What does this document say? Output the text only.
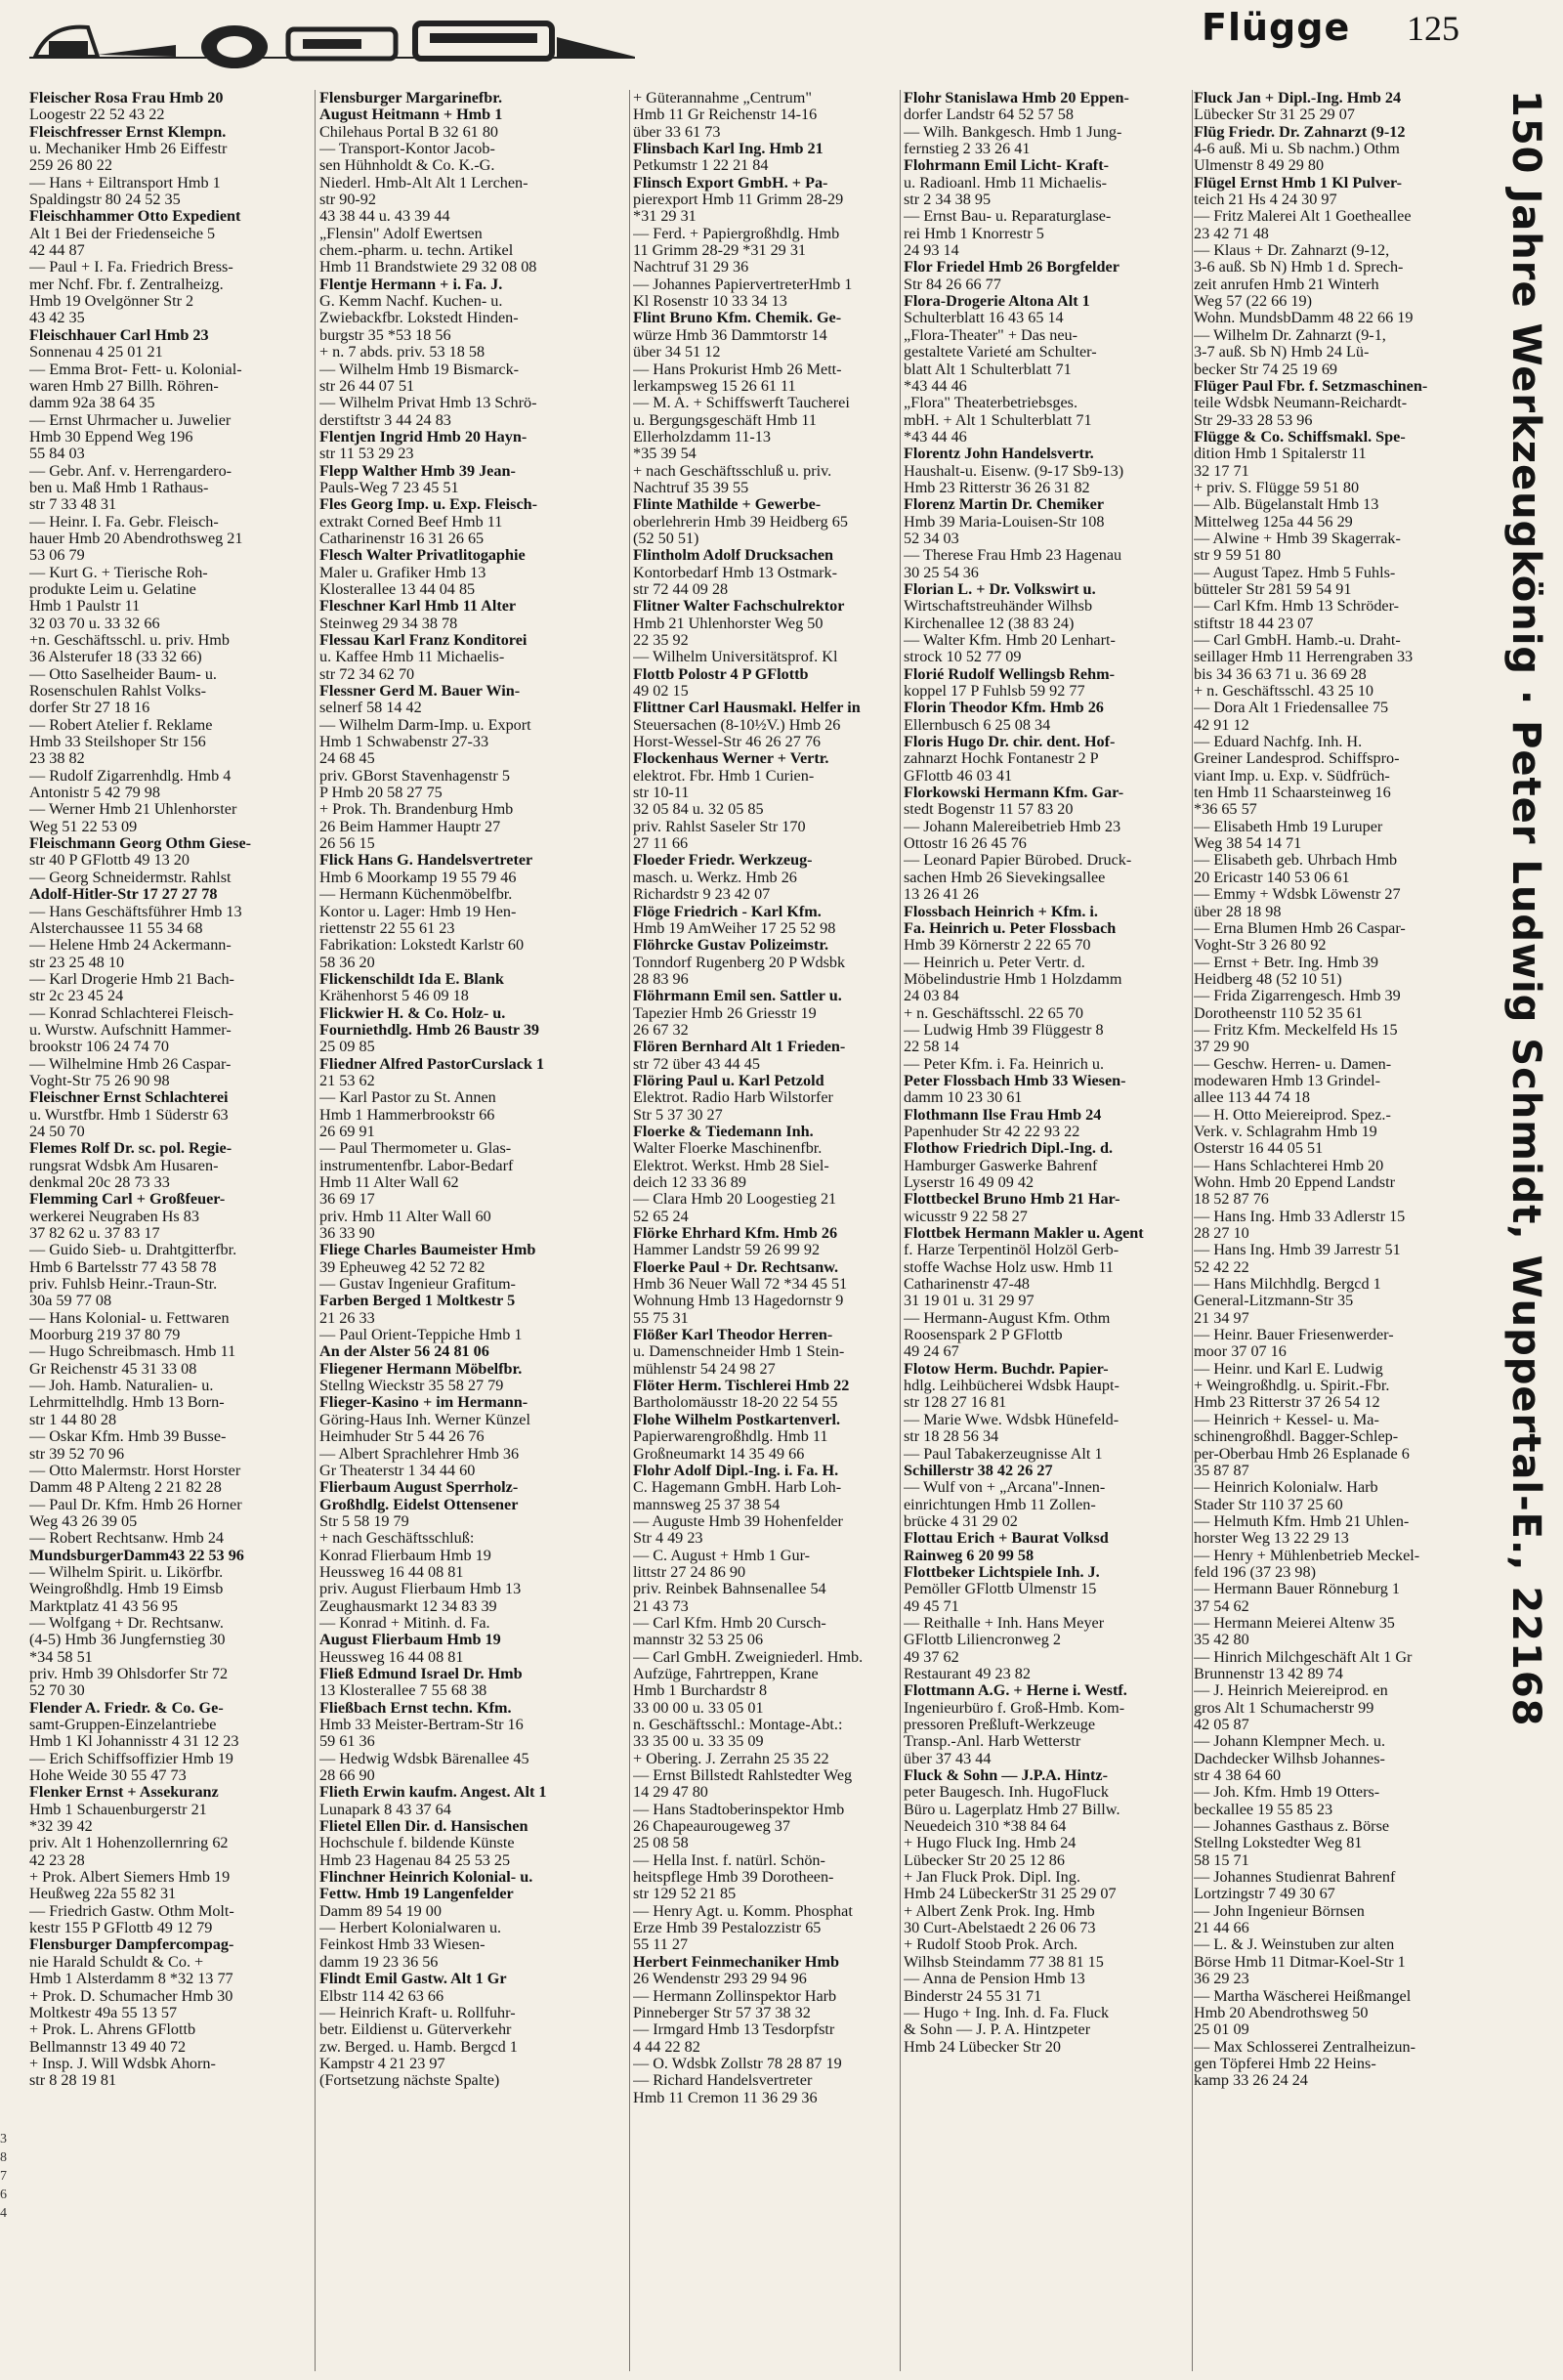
Flügge 125
Fleischer Rosa Frau Hmb 20
Loogestr 22 52 43 22
Fleischfresser Ernst Klempn.
u. Mechaniker Hmb 26 Eiffestr
259 26 80 22
— Hans + Eiltransport Hmb 1
Spaldingstr 80 24 52 35
Fleischhammer Otto Expedient
Alt 1 Bei der Friedenseiche 5
42 44 87
— Paul + I. Fa. Friedrich Bress-
mer Nchf. Fbr. f. Zentralheizg.
Hmb 19 Ovelgönner Str 2
43 42 35
Fleischhauer Carl Hmb 23
Sonnenau 4 25 01 21
— Emma Brot- Fett- u. Kolonial-
waren Hmb 27 Billh. Röhren-
damm 92a 38 64 35
— Ernst Uhrmacher u. Juwelier
Hmb 30 Eppend Weg 196
55 84 03
— Gebr. Anf. v. Herrengardero-
ben u. Maß Hmb 1 Rathaus-
str 7 33 48 31
— Heinr. I. Fa. Gebr. Fleisch-
hauer Hmb 20 Abendrothsweg 21
53 06 79
— Kurt G. + Tierische Roh-
produkte Leim u. Gelatine
Hmb 1 Paulstr 11
32 03 70 u. 33 32 66
+n. Geschäftsschl. u. priv. Hmb
36 Alsterufer 18 (33 32 66)
— Otto Saselheider Baum- u.
Rosenschulen Rahlst Volks-
dorfer Str 27 18 16
— Robert Atelier f. Reklame
Hmb 33 Steilshoper Str 156
23 38 82
— Rudolf Zigarrenhdlg. Hmb 4
Antonistr 5 42 79 98
— Werner Hmb 21 Uhlenhorster
Weg 51 22 53 09
Fleischmann Georg Othm Giese-
str 40 P GFlottb 49 13 20
— Georg Schneidermstr. Rahlst
Adolf-Hitler-Str 17 27 27 78
— Hans Geschäftsführer Hmb 13
Alsterchaussee 11 55 34 68
— Helene Hmb 24 Ackermann-
str 23 25 48 10
— Karl Drogerie Hmb 21 Bach-
str 2c 23 45 24
— Konrad Schlachterei Fleisch-
u. Wurstw. Aufschnitt Hammer-
brookstr 106 24 74 70
— Wilhelmine Hmb 26 Caspar-
Voght-Str 75 26 90 98
Fleischner Ernst Schlachterei
u. Wurstfbr. Hmb 1 Süderstr 63
24 50 70
Flemes Rolf Dr. sc. pol. Regie-
rungsrat Wdsbk Am Husaren-
denkmal 20c 28 73 33
Flemming Carl + Großfeuer-
werkerei Neugraben Hs 83
37 82 62 u. 37 83 17
— Guido Sieb- u. Drahtgitterfbr.
Hmb 6 Bartelsstr 77 43 58 78
priv. Fuhlsb Heinr.-Traun-Str.
30a 59 77 08
— Hans Kolonial- u. Fettwaren
Moorburg 219 37 80 79
— Hugo Schreibmasch. Hmb 11
Gr Reichenstr 45 31 33 08
— Joh. Hamb. Naturalien- u.
Lehrmittelhdlg. Hmb 13 Born-
str 1 44 80 28
— Oskar Kfm. Hmb 39 Busse-
str 39 52 70 96
— Otto Malermstr. Horst Horster
Damm 48 P Alteng 2 21 82 28
— Paul Dr. Kfm. Hmb 26 Horner
Weg 43 26 39 05
— Robert Rechtsanw. Hmb 24
MundsburgerDamm43 22 53 96
— Wilhelm Spirit. u. Likörfbr.
Weingroßhdlg. Hmb 19 Eimsb
Marktplatz 41 43 56 95
— Wolfgang + Dr. Rechtsanw.
(4-5) Hmb 36 Jungfernstieg 30
*34 58 51
priv. Hmb 39 Ohlsdorfer Str 72
52 70 30
Flender A. Friedr. & Co. Ge-
samt-Gruppen-Einzelantriebe
Hmb 1 Kl Johannisstr 4 31 12 23
— Erich Schiffsoffizier Hmb 19
Hohe Weide 30 55 47 73
Flenker Ernst + Assekuranz
Hmb 1 Schauenburgerstr 21
*32 39 42
priv. Alt 1 Hohenzollernring 62
42 23 28
+ Prok. Albert Siemers Hmb 19
Heußweg 22a 55 82 31
— Friedrich Gastw. Othm Molt-
kestr 155 P GFlottb 49 12 79
Flensburger Dampfercompag-
nie Harald Schuldt & Co. +
Hmb 1 Alsterdamm 8 *32 13 77
+ Prok. D. Schumacher Hmb 30
Moltkestr 49a 55 13 57
+ Prok. L. Ahrens GFlottb
Bellmannstr 13 49 40 72
+ Insp. J. Will Wdsbk Ahorn-
str 8 28 19 81
Flensburger Margarinefbr.
August Heitmann + Hmb 1
Chilehaus Portal B 32 61 80
— Transport-Kontor Jacob-
sen Hühnholdt & Co. K.-G.
Niederl. Hmb-Alt Alt 1 Lerchen-
str 90-92
43 38 44 u. 43 39 44
„Flensin" Adolf Ewertsen
chem.-pharm. u. techn. Artikel
Hmb 11 Brandstwiete 29 32 08 08
Flentje Hermann + i. Fa. J.
G. Kemm Nachf. Kuchen- u.
Zwiebackfbr. Lokstedt Hinden-
burgstr 35 *53 18 56
+ n. 7 abds. priv. 53 18 58
— Wilhelm Hmb 19 Bismarck-
str 26 44 07 51
— Wilhelm Privat Hmb 13 Schrö-
derstiftstr 3 44 24 83
Flentjen Ingrid Hmb 20 Hayn-
str 11 53 29 23
Flepp Walther Hmb 39 Jean-
Pauls-Weg 7 23 45 51
Fles Georg Imp. u. Exp. Fleisch-
extrakt Corned Beef Hmb 11
Catharinenstr 16 31 26 65
Flesch Walter Privatlitogaphie
Maler u. Grafiker Hmb 13
Klosterallee 13 44 04 85
Fleschner Karl Hmb 11 Alter
Steinweg 29 34 38 78
Flessau Karl Franz Konditorei
u. Kaffee Hmb 11 Michaelis-
str 72 34 62 70
Flessner Gerd M. Bauer Win-
selnerf 58 14 42
— Wilhelm Darm-Imp. u. Export
Hmb 1 Schwabenstr 27-33
24 68 45
priv. GBorst Stavenhagenstr 5
P Hmb 20 58 27 75
+ Prok. Th. Brandenburg Hmb
26 Beim Hammer Hauptr 27
26 56 15
Flick Hans G. Handelsvertreter
Hmb 6 Moorkamp 19 55 79 46
— Hermann Küchenmöbelfbr.
Kontor u. Lager: Hmb 19 Hen-
riettenstr 22 55 61 23
Fabrikation: Lokstedt Karlstr 60
58 36 20
Flickenschildt Ida E. Blank
Krähenhorst 5 46 09 18
Flickwier H. & Co. Holz- u.
Fourniethdlg. Hmb 26 Baustr 39
25 09 85
Fliedner Alfred PastorCurslack 1
21 53 62
— Karl Pastor zu St. Annen
Hmb 1 Hammerbrookstr 66
26 69 91
— Paul Thermometer u. Glas-
instrumentenfbr. Labor-Bedarf
Hmb 11 Alter Wall 62
36 69 17
priv. Hmb 11 Alter Wall 60
36 33 90
Fliege Charles Baumeister Hmb
39 Epheuweg 42 52 72 82
— Gustav Ingenieur Grafitum-
Farben Berged 1 Moltkestr 5
21 26 33
— Paul Orient-Teppiche Hmb 1
An der Alster 56 24 81 06
Fliegener Hermann Möbelfbr.
Stellng Wieckstr 35 58 27 79
Flieger-Kasino + im Hermann-
Göring-Haus Inh. Werner Künzel
Heimhuder Str 5 44 26 76
— Albert Sprachlehrer Hmb 36
Gr Theaterstr 1 34 44 60
Flierbaum August Sperrholz-
Großhdlg. Eidelst Ottensener
Str 5 58 19 79
+ nach Geschäftsschluß:
Konrad Flierbaum Hmb 19
Heussweg 16 44 08 81
priv. August Flierbaum Hmb 13
Zeughausmarkt 12 34 83 39
— Konrad + Mitinh. d. Fa.
August Flierbaum Hmb 19
Heussweg 16 44 08 81
Fließ Edmund Israel Dr. Hmb
13 Klosterallee 7 55 68 38
Fließbach Ernst techn. Kfm.
Hmb 33 Meister-Bertram-Str 16
59 61 36
— Hedwig Wdsbk Bärenallee 45
28 66 90
Flieth Erwin kaufm. Angest. Alt 1
Lunapark 8 43 37 64
Flietel Ellen Dir. d. Hansischen
Hochschule f. bildende Künste
Hmb 23 Hagenau 84 25 53 25
Flinchner Heinrich Kolonial- u.
Fettw. Hmb 19 Langenfelder
Damm 89 54 19 00
— Herbert Kolonialwaren u.
Feinkost Hmb 33 Wiesen-
damm 19 23 36 56
Flindt Emil Gastw. Alt 1 Gr
Elbstr 114 42 63 66
— Heinrich Kraft- u. Rollfuhr-
betr. Eildienst u. Güterverkehr
zw. Berged. u. Hamb. Bergcd 1
Kampstr 4 21 23 97
(Fortsetzung nächste Spalte)
+ Güterannahme „Centrum"
Hmb 11 Gr Reichenstr 14-16
über 33 61 73
Flinsbach Karl Ing. Hmb 21
Petkumstr 1 22 21 84
Flinsch Export GmbH. + Pa-
pierexport Hmb 11 Grimm 28-29
*31 29 31
— Ferd. + Papiergroßhdlg. Hmb
11 Grimm 28-29 *31 29 31
Nachtruf 31 29 36
— Johannes PapiervertreterHmb 1
Kl Rosenstr 10 33 34 13
Flint Bruno Kfm. Chemik. Ge-
würze Hmb 36 Dammtorstr 14
über 34 51 12
— Hans Prokurist Hmb 26 Mett-
lerkampsweg 15 26 61 11
— M. A. + Schiffswerft Taucherei
u. Bergungsgeschäft Hmb 11
Ellerholzdamm 11-13
*35 39 54
+ nach Geschäftsschluß u. priv.
Nachtruf 35 39 55
Flinte Mathilde + Gewerbe-
oberlehrerin Hmb 39 Heidberg 65
(52 50 51)
Flintholm Adolf Drucksachen
Kontorbedarf Hmb 13 Ostmark-
str 72 44 09 28
Flitner Walter Fachschulrektor
Hmb 21 Uhlenhorster Weg 50
22 35 92
— Wilhelm Universitätsprof. Kl
Flottb Polostr 4 P GFlottb
49 02 15
Flittner Carl Hausmakl. Helfer in
Steuersachen (8-10½V.) Hmb 26
Horst-Wessel-Str 46 26 27 76
Flockenhaus Werner + Vertr.
elektrot. Fbr. Hmb 1 Curien-
str 10-11
32 05 84 u. 32 05 85
priv. Rahlst Saseler Str 170
27 11 66
Floeder Friedr. Werkzeug-
masch. u. Werkz. Hmb 26
Richardstr 9 23 42 07
Flöge Friedrich - Karl Kfm.
Hmb 19 AmWeiher 17 25 52 98
Flöhrcke Gustav Polizeimstr.
Tonndorf Rugenberg 20 P Wdsbk
28 83 96
Flöhrmann Emil sen. Sattler u.
Tapezier Hmb 26 Griesstr 19
26 67 32
Flören Bernhard Alt 1 Frieden-
str 72 über 43 44 45
Flöring Paul u. Karl Petzold
Elektrot. Radio Harb Wilstorfer
Str 5 37 30 27
Floerke & Tiedemann Inh.
Walter Floerke Maschinenfbr.
Elektrot. Werkst. Hmb 28 Siel-
deich 12 33 36 89
— Clara Hmb 20 Loogestieg 21
52 65 24
Flörke Ehrhard Kfm. Hmb 26
Hammer Landstr 59 26 99 92
Floerke Paul + Dr. Rechtsanw.
Hmb 36 Neuer Wall 72 *34 45 51
Wohnung Hmb 13 Hagedornstr 9
55 75 31
Flößer Karl Theodor Herren-
u. Damenschneider Hmb 1 Stein-
mühlenstr 54 24 98 27
Flöter Herm. Tischlerei Hmb 22
Bartholomäusstr 18-20 22 54 55
Flohe Wilhelm Postkartenverl.
Papierwarengroßhdlg. Hmb 11
Großneumarkt 14 35 49 66
Flohr Adolf Dipl.-Ing. i. Fa. H.
C. Hagemann GmbH. Harb Loh-
mannsweg 25 37 38 54
— Auguste Hmb 39 Hohenfelder
Str 4 49 23
— C. August + Hmb 1 Gur-
littstr 27 24 86 90
priv. Reinbek Bahnsenallee 54
21 43 73
— Carl Kfm. Hmb 20 Cursch-
mannstr 32 53 25 06
— Carl GmbH. Zweigniederl. Hmb.
Aufzüge, Fahrtreppen, Krane
Hmb 1 Burchardstr 8
33 00 00 u. 33 05 01
n. Geschäftsschl.: Montage-Abt.:
33 35 00 u. 33 35 09
+ Obering. J. Zerrahn 25 35 22
— Ernst Billstedt Rahlstedter Weg
14 29 47 80
— Hans Stadtoberinspektor Hmb
26 Chapeaurougeweg 37
25 08 58
— Hella Inst. f. natürl. Schön-
heitspflege Hmb 39 Dorotheen-
str 129 52 21 85
— Henry Agt. u. Komm. Phosphat
Erze Hmb 39 Pestalozzistr 65
55 11 27
Herbert Feinmechaniker Hmb
26 Wendenstr 293 29 94 96
— Hermann Zollinspektor Harb
Pinneberger Str 57 37 38 32
— Irmgard Hmb 13 Tesdorpfstr
4 44 22 82
— O. Wdsbk Zollstr 78 28 87 19
— Richard Handelsvertreter
Hmb 11 Cremon 11 36 29 36
Flohr Stanislawa Hmb 20 Eppen-
dorfer Landstr 64 52 57 58
— Wilh. Bankgesch. Hmb 1 Jung-
fernstieg 2 33 26 41
Flohrmann Emil Licht- Kraft-
u. Radioanl. Hmb 11 Michaelis-
str 2 34 38 95
— Ernst Bau- u. Reparaturglase-
rei Hmb 1 Knorrestr 5
24 93 14
Flor Friedel Hmb 26 Borgfelder
Str 84 26 66 77
Flora-Drogerie Altona Alt 1
Schulterblatt 16 43 65 14
„Flora-Theater" + Das neu-
gestaltete Varieté am Schulter-
blatt Alt 1 Schulterblatt 71
*43 44 46
„Flora" Theaterbetriebsges.
mbH. + Alt 1 Schulterblatt 71
*43 44 46
Florentz John Handelsvertr.
Haushalt-u. Eisenw. (9-17 Sb9-13)
Hmb 23 Ritterstr 36 26 31 82
Florenz Martin Dr. Chemiker
Hmb 39 Maria-Louisen-Str 108
52 34 03
— Therese Frau Hmb 23 Hagenau
30 25 54 36
Florian L. + Dr. Volkswirt u.
Wirtschaftstreuhänder Wilhsb
Kirchenallee 12 (38 83 24)
— Walter Kfm. Hmb 20 Lenhart-
strock 10 52 77 09
Florié Rudolf Wellingsb Rehm-
koppel 17 P Fuhlsb 59 92 77
Florin Theodor Kfm. Hmb 26
Ellernbusch 6 25 08 34
Floris Hugo Dr. chir. dent. Hof-
zahnarzt Hochk Fontanestr 2 P
GFlottb 46 03 41
Florkowski Hermann Kfm. Gar-
stedt Bogenstr 11 57 83 20
— Johann Malereibetrieb Hmb 23
Ottostr 16 26 45 76
— Leonard Papier Bürobed. Druck-
sachen Hmb 26 Sievekingsallee
13 26 41 26
Flossbach Heinrich + Kfm. i.
Fa. Heinrich u. Peter Flossbach
Hmb 39 Körnerstr 2 22 65 70
— Heinrich u. Peter Vertr. d.
Möbelindustrie Hmb 1 Holzdamm
24 03 84
+ n. Geschäftsschl. 22 65 70
— Ludwig Hmb 39 Flüggestr 8
22 58 14
— Peter Kfm. i. Fa. Heinrich u.
Peter Flossbach Hmb 33 Wiesen-
damm 10 23 30 61
Flothmann Ilse Frau Hmb 24
Papenhuder Str 42 22 93 22
Flothow Friedrich Dipl.-Ing. d.
Hamburger Gaswerke Bahrenf
Lyserstr 16 49 09 42
Flottbeckel Bruno Hmb 21 Har-
wicusstr 9 22 58 27
Flottbek Hermann Makler u. Agent
f. Harze Terpentinöl Holzöl Gerb-
stoffe Wachse Holz usw. Hmb 11
Catharinenstr 47-48
31 19 01 u. 31 29 97
— Hermann-August Kfm. Othm
Roosenspark 2 P GFlottb
49 24 67
Flotow Herm. Buchdr. Papier-
hdlg. Leihbücherei Wdsbk Haupt-
str 128 27 16 81
— Marie Wwe. Wdsbk Hünefeld-
str 18 28 56 34
— Paul Tabakerzeugnisse Alt 1
Schillerstr 38 42 26 27
— Wulf von + „Arcana"-Innen-
einrichtungen Hmb 11 Zollen-
brücke 4 31 29 02
Flottau Erich + Baurat Volksd
Rainweg 6 20 99 58
Flottbeker Lichtspiele Inh. J.
Pemöller GFlottb Ulmenstr 15
49 45 71
— Reithalle + Inh. Hans Meyer
GFlottb Liliencronweg 2
49 37 62
Restaurant 49 23 82
Flottmann A.G. + Herne i. Westf.
Ingenieurbüro f. Groß-Hmb. Kom-
pressoren Preßluft-Werkzeuge
Transp.-Anl. Harb Wetterstr
über 37 43 44
Fluck & Sohn — J.P.A. Hintz-
peter Baugesch. Inh. HugoFluck
Büro u. Lagerplatz Hmb 27 Billw.
Neuedeich 310 *38 84 64
+ Hugo Fluck Ing. Hmb 24
Lübecker Str 20 25 12 86
+ Jan Fluck Prok. Dipl. Ing.
Hmb 24 LübeckerStr 31 25 29 07
+ Albert Zenk Prok. Ing. Hmb
30 Curt-Abelstaedt 2 26 06 73
+ Rudolf Stoob Prok. Arch.
Wilhsb Steindamm 77 38 81 15
— Anna de Pension Hmb 13
Binderstr 24 55 31 71
— Hugo + Ing. Inh. d. Fa. Fluck
& Sohn — J. P. A. Hintzpeter
Hmb 24 Lübecker Str 20
Fluck Jan + Dipl.-Ing. Hmb 24
Lübecker Str 31 25 29 07
Flüg Friedr. Dr. Zahnarzt (9-12
4-6 auß. Mi u. Sb nachm.) Othm
Ulmenstr 8 49 29 80
Flügel Ernst Hmb 1 Kl Pulver-
teich 21 Hs 4 24 30 97
— Fritz Malerei Alt 1 Goetheallee
23 42 71 48
— Klaus + Dr. Zahnarzt (9-12,
3-6 auß. Sb N) Hmb 1 d. Sprech-
zeit anrufen Hmb 21 Winterh
Weg 57 (22 66 19)
Wohn. MundsbDamm 48 22 66 19
— Wilhelm Dr. Zahnarzt (9-1,
3-7 auß. Sb N) Hmb 24 Lü-
becker Str 74 25 19 69
Flüger Paul Fbr. f. Setzmaschinen-
teile Wdsbk Neumann-Reichardt-
Str 29-33 28 53 96
Flügge & Co. Schiffsmakl. Spe-
dition Hmb 1 Spitalerstr 11
32 17 71
+ priv. S. Flügge 59 51 80
— Alb. Bügelanstalt Hmb 13
Mittelweg 125a 44 56 29
— Alwine + Hmb 39 Skagerrak-
str 9 59 51 80
— August Tapez. Hmb 5 Fuhls-
bütteler Str 281 59 54 91
— Carl Kfm. Hmb 13 Schröder-
stiftstr 18 44 23 07
— Carl GmbH. Hamb.-u. Draht-
seillager Hmb 11 Herrengraben 33
bis 34 36 63 71 u. 36 69 28
+ n. Geschäftsschl. 43 25 10
— Dora Alt 1 Friedensallee 75
42 91 12
— Eduard Nachfg. Inh. H.
Greiner Landesprod. Schiffspro-
viant Imp. u. Exp. v. Südfrüch-
ten Hmb 11 Schaarsteinweg 16
*36 65 57
— Elisabeth Hmb 19 Luruper
Weg 38 54 14 71
— Elisabeth geb. Uhrbach Hmb
20 Ericastr 140 53 06 61
— Emmy + Wdsbk Löwenstr 27
über 28 18 98
— Erna Blumen Hmb 26 Caspar-
Voght-Str 3 26 80 92
— Ernst + Betr. Ing. Hmb 39
Heidberg 48 (52 10 51)
— Frida Zigarrengesch. Hmb 39
Dorotheenstr 110 52 35 61
— Fritz Kfm. Meckelfeld Hs 15
37 29 90
— Geschw. Herren- u. Damen-
modewaren Hmb 13 Grindel-
allee 113 44 74 18
— H. Otto Meiereiprod. Spez.-
Verk. v. Schlagrahm Hmb 19
Osterstr 16 44 05 51
— Hans Schlachterei Hmb 20
Wohn. Hmb 20 Eppend Landstr
18 52 87 76
— Hans Ing. Hmb 33 Adlerstr 15
28 27 10
— Hans Ing. Hmb 39 Jarrestr 51
52 42 22
— Hans Milchhdlg. Bergcd 1
General-Litzmann-Str 35
21 34 97
— Heinr. Bauer Friesenwerder-
moor 37 07 16
— Heinr. und Karl E. Ludwig
+ Weingroßhdlg. u. Spirit.-Fbr.
Hmb 23 Ritterstr 37 26 54 12
— Heinrich + Kessel- u. Ma-
schinengroßhdl. Bagger-Schlep-
per-Oberbau Hmb 26 Esplanade 6
35 87 87
— Heinrich Kolonialw. Harb
Stader Str 110 37 25 60
— Helmuth Kfm. Hmb 21 Uhlen-
horster Weg 13 22 29 13
— Henry + Mühlenbetrieb Meckel-
feld 196 (37 23 98)
— Hermann Bauer Rönneburg 1
37 54 62
— Hermann Meierei Altenw 35
35 42 80
— Hinrich Milchgeschäft Alt 1 Gr
Brunnenstr 13 42 89 74
— J. Heinrich Meiereiprod. en
gros Alt 1 Schumacherstr 99
42 05 87
— Johann Klempner Mech. u.
Dachdecker Wilhsb Johannes-
str 4 38 64 60
— Joh. Kfm. Hmb 19 Otters-
beckallee 19 55 85 23
— Johannes Gasthaus z. Börse
Stellng Lokstedter Weg 81
58 15 71
— Johannes Studienrat Bahrenf
Lortzingstr 7 49 30 67
— John Ingenieur Börnsen
21 44 66
— L. & J. Weinstuben zur alten
Börse Hmb 11 Ditmar-Koel-Str 1
36 29 23
— Martha Wäscherei Heißmangel
Hmb 20 Abendrothsweg 50
25 01 09
— Max Schlosserei Zentralheizun-
gen Töpferei Hmb 22 Heins-
kamp 33 26 24 24
150 Jahre Werkzeugkönig · Peter Ludwig Schmidt, Wuppertal-E., 22168
3
8
7
6
4
